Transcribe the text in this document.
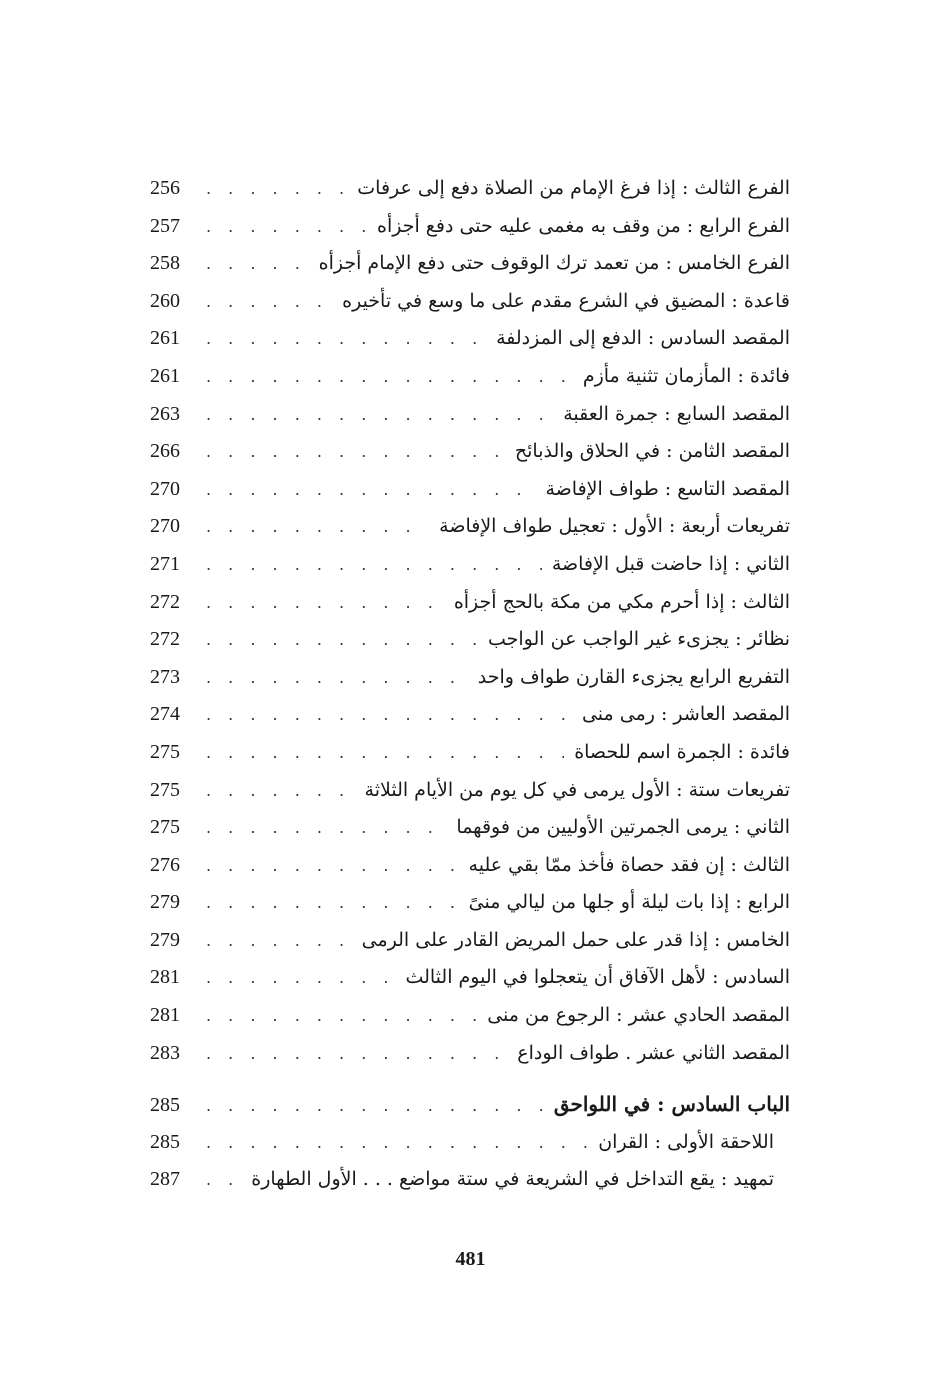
الفرع الثالث : إذا فرغ الإمام من الصلاة دفع إلى عرفات
. . .
256
الفرع الرابع : من وقف به مغمى عليه حتى دفع أجزأه
. . .
257
الفرع الخامس : من تعمد ترك الوقوف حتى دفع الإمام أجزأه
. . .
258
قاعدة : المضيق في الشرع مقدم على ما وسع في تأخيره
. . .
260
المقصد السادس : الدفع إلى المزدلفة
. . .
261
فائدة : المأزمان تثنية مأزم
. . .
261
المقصد السابع : جمرة العقبة
. . .
263
المقصد الثامن : في الحلاق والذبائح
. . .
266
المقصد التاسع : طواف الإفاضة
. . .
270
تفريعات أربعة : الأول : تعجيل طواف الإفاضة
. . .
270
الثاني : إذا حاضت قبل الإفاضة
. . .
271
الثالث : إذا أحرم مكي من مكة بالحج أجزأه
. . .
272
نظائر : يجزىء غير الواجب عن الواجب
. . .
272
التفريع الرابع يجزىء القارن طواف واحد
. . .
273
المقصد العاشر : رمى منى
. . .
274
فائدة : الجمرة اسم للحصاة
. . .
275
تفريعات ستة : الأول يرمى في كل يوم من الأيام الثلاثة
. . .
275
الثاني : يرمى الجمرتين الأوليين من فوقهما
. . .
275
الثالث : إن فقد حصاة فأخذ ممّا بقي عليه
. . .
276
الرابع : إذا بات ليلة أو جلها من ليالي منىً
. . .
279
الخامس : إذا قدر على حمل المريض القادر على الرمى
. . .
279
السادس : لأهل الآفاق أن يتعجلوا في اليوم الثالث
. . .
281
المقصد الحادي عشر : الرجوع من منى
. . .
281
المقصد الثاني عشر . طواف الوداع
. . .
283
الباب السادس : في اللواحق
. . .
285
اللاحقة الأولى : القران
. . .
285
تمهيد : يقع التداخل في الشريعة في ستة مواضع . . . الأول الطهارة
. . .
287
481
